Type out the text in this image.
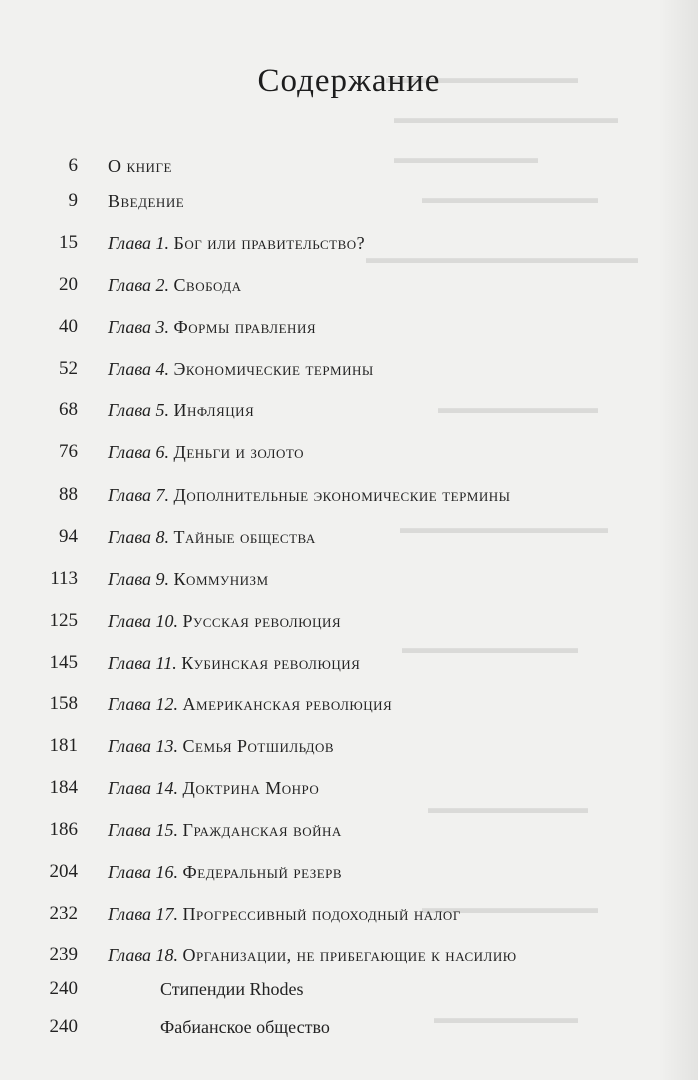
▬▬▬▬▬▬▬▬▬▬▬▬
▬▬▬▬▬▬▬▬▬▬▬▬▬▬
▬▬▬▬▬▬▬▬▬
▬▬▬▬▬▬▬▬▬▬▬
▬▬▬▬▬▬▬▬▬▬▬▬▬▬▬▬▬
▬▬▬▬▬▬▬▬▬▬
▬▬▬▬▬▬▬▬▬▬▬▬▬
▬▬▬▬▬▬▬▬▬▬▬
▬▬▬▬▬▬▬▬▬▬
▬▬▬▬▬▬▬▬▬▬▬
▬▬▬▬▬▬▬▬▬
Содержание
6 О книге
9 Введение
15 Глава 1. Бог или правительство?
20 Глава 2. Свобода
40 Глава 3. Формы правления
52 Глава 4. Экономические термины
68 Глава 5. Инфляция
76 Глава 6. Деньги и золото
88 Глава 7. Дополнительные экономические термины
94 Глава 8. Тайные общества
113 Глава 9. Коммунизм
125 Глава 10. Русская революция
145 Глава 11. Кубинская революция
158 Глава 12. Американская революция
181 Глава 13. Семья Ротшильдов
184 Глава 14. Доктрина Монро
186 Глава 15. Гражданская война
204 Глава 16. Федеральный резерв
232 Глава 17. Прогрессивный подоходный налог
239 Глава 18. Организации, не прибегающие к насилию
240	Стипендии Rhodes
240	Фабианское общество
